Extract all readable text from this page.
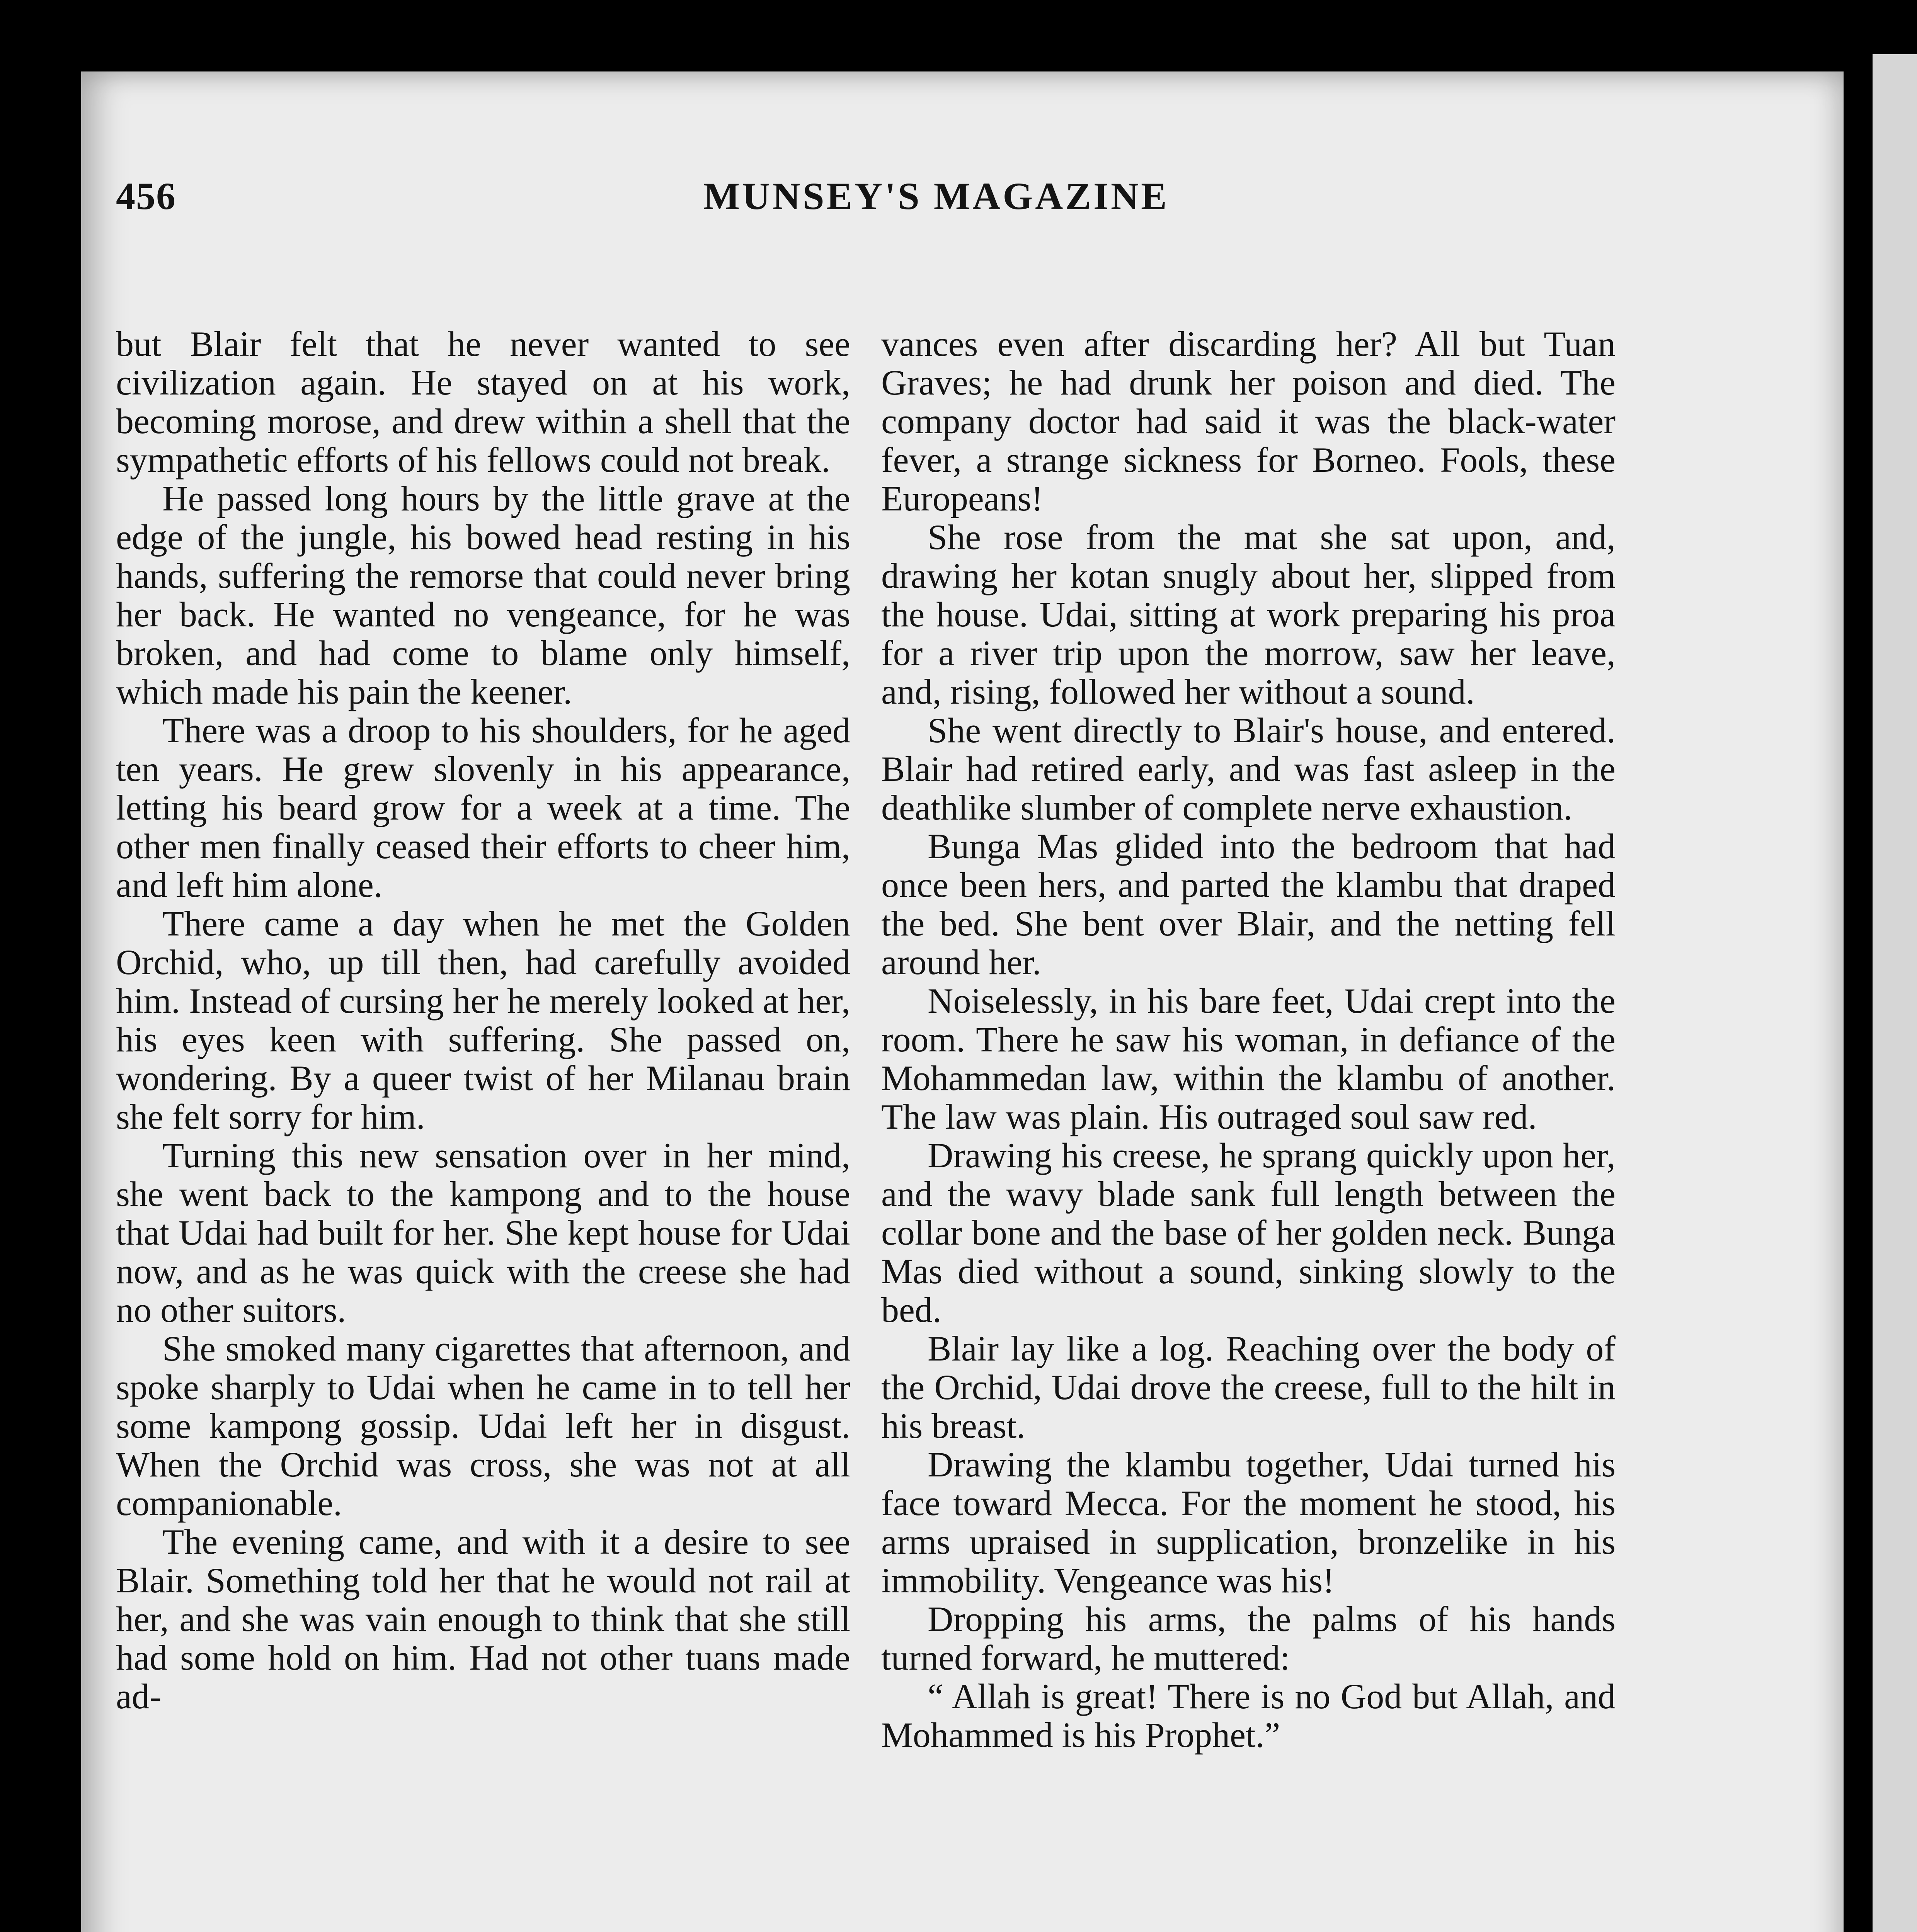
456	MUNSEY'S MAGAZINE

but Blair felt that he never wanted to see civilization again. He stayed on at his work, becoming morose, and drew within a shell that the sympathetic efforts of his fellows could not break.

He passed long hours by the little grave at the edge of the jungle, his bowed head resting in his hands, suffering the remorse that could never bring her back. He wanted no vengeance, for he was broken, and had come to blame only himself, which made his pain the keener.

There was a droop to his shoulders, for he aged ten years. He grew slovenly in his appearance, letting his beard grow for a week at a time. The other men finally ceased their efforts to cheer him, and left him alone.

There came a day when he met the Golden Orchid, who, up till then, had carefully avoided him. Instead of cursing her he merely looked at her, his eyes keen with suffering. She passed on, wondering. By a queer twist of her Milanau brain she felt sorry for him.

Turning this new sensation over in her mind, she went back to the kampong and to the house that Udai had built for her. She kept house for Udai now, and as he was quick with the creese she had no other suitors.

She smoked many cigarettes that afternoon, and spoke sharply to Udai when he came in to tell her some kampong gossip. Udai left her in disgust. When the Orchid was cross, she was not at all companionable.

The evening came, and with it a desire to see Blair. Something told her that he would not rail at her, and she was vain enough to think that she still had some hold on him. Had not other tuans made ad-

vances even after discarding her? All but Tuan Graves; he had drunk her poison and died. The company doctor had said it was the black-water fever, a strange sickness for Borneo. Fools, these Europeans!

She rose from the mat she sat upon, and, drawing her kotan snugly about her, slipped from the house. Udai, sitting at work preparing his proa for a river trip upon the morrow, saw her leave, and, rising, followed her without a sound.

She went directly to Blair's house, and entered. Blair had retired early, and was fast asleep in the deathlike slumber of complete nerve exhaustion.

Bunga Mas glided into the bedroom that had once been hers, and parted the klambu that draped the bed. She bent over Blair, and the netting fell around her.

Noiselessly, in his bare feet, Udai crept into the room. There he saw his woman, in defiance of the Mohammedan law, within the klambu of another. The law was plain. His outraged soul saw red.

Drawing his creese, he sprang quickly upon her, and the wavy blade sank full length between the collar bone and the base of her golden neck. Bunga Mas died without a sound, sinking slowly to the bed.

Blair lay like a log. Reaching over the body of the Orchid, Udai drove the creese, full to the hilt in his breast.

Drawing the klambu together, Udai turned his face toward Mecca. For the moment he stood, his arms upraised in supplication, bronzelike in his immobility. Vengeance was his!

Dropping his arms, the palms of his hands turned forward, he muttered:

“ Allah is great! There is no God but Allah, and Mohammed is his Prophet.”
